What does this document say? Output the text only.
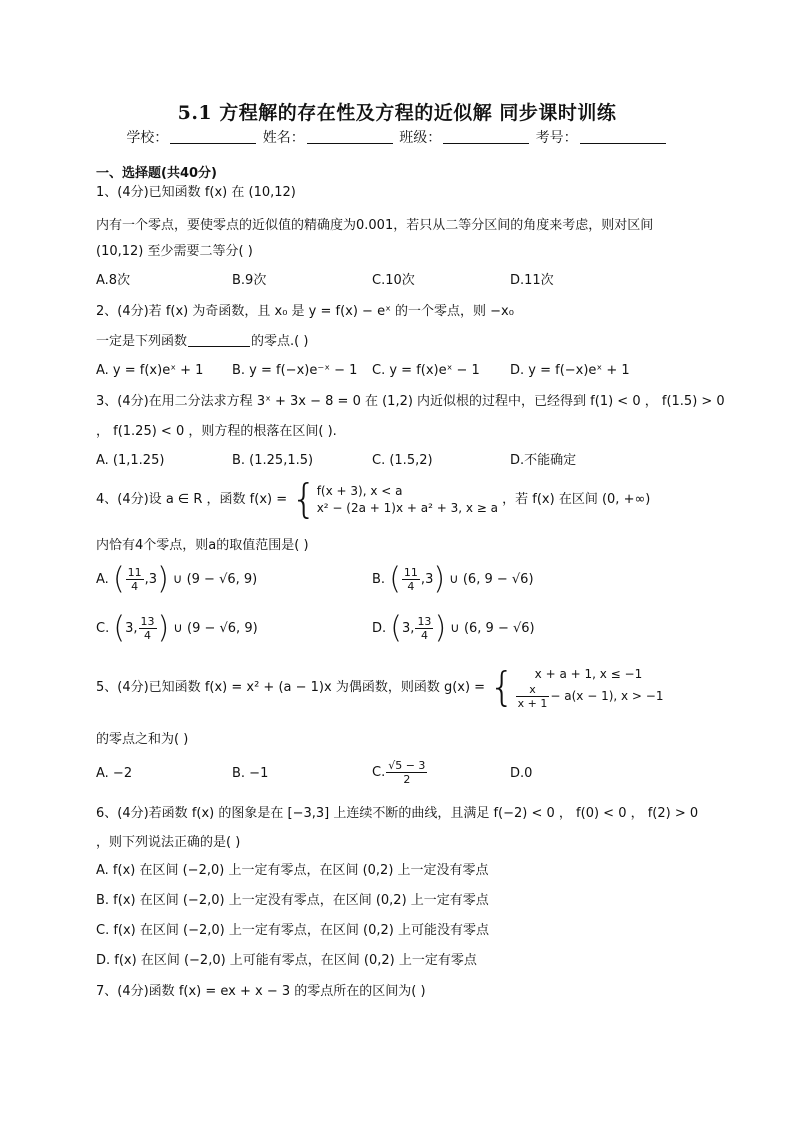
5.1 方程解的存在性及方程的近似解 同步课时训练
学校：	姓名：	班级：	考号：
一、选择题(共40分)
1、(4分)已知函数 f(x) 在 (10,12)
内有一个零点，要使零点的近似值的精确度为0.001，若只从二等分区间的角度来考虑，则对区间
(10,12) 至少需要二等分( )
A.8次	B.9次	C.10次	D.11次
2、(4分)若 f(x) 为奇函数，且 x₀ 是 y = f(x) − eˣ 的一个零点，则 −x₀
一定是下列函数	的零点.( )
A. y = f(x)eˣ + 1 B. y = f(−x)e⁻ˣ − 1 C. y = f(x)eˣ − 1 D. y = f(−x)eˣ + 1
3、(4分)在用二分法求方程 3ˣ + 3x − 8 = 0 在 (1,2) 内近似根的过程中，已经得到 f(1) < 0 ， f(1.5) > 0
， f(1.25) < 0 ，则方程的根落在区间( ).
A. (1,1.25)	B. (1.25,1.5)	C. (1.5,2)	D.不能确定
4、(4分)设 a ∈ R ，函数 f(x) = { f(x + 3), x < a
x² − (2a + 1)x + a² + 3, x ≥ a
，若 f(x) 在区间 (0, +∞)
内恰有4个零点，则a的取值范围是( )
A. ( $\frac{11}{4} ,3$) ∪ (9 − √6, 9)	B. ( $\frac{11}{4} ,3$) ∪ (6, 9 − √6)
C. (3, $\frac{13}{4}$ ) ∪ (9 − √6, 9)	D. (3, $\frac{13}{4}$ ) ∪ (6, 9 − √6)
5、(4分)已知函数 f(x) = x² + (a − 1)x 为偶函数，则函数 g(x) = {	x + a + 1, x ≤ −1
$\frac{x}{x + 1} - a(x - 1)$, x > −1
的零点之和为( )
A. −2	B. −1	C. $\frac{√5 - 3}{2}$	D.0
6、(4分)若函数 f(x) 的图象是在 [−3,3] 上连续不断的曲线，且满足 f(−2) < 0 ， f(0) < 0 ， f(2) > 0
，则下列说法正确的是( )
A. f(x) 在区间 (−2,0) 上一定有零点，在区间 (0,2) 上一定没有零点
B. f(x) 在区间 (−2,0) 上一定没有零点，在区间 (0,2) 上一定有零点
C. f(x) 在区间 (−2,0) 上一定有零点，在区间 (0,2) 上可能没有零点
D. f(x) 在区间 (−2,0) 上可能有零点，在区间 (0,2) 上一定有零点
7、(4分)函数 f(x) = ex + x − 3 的零点所在的区间为( )
